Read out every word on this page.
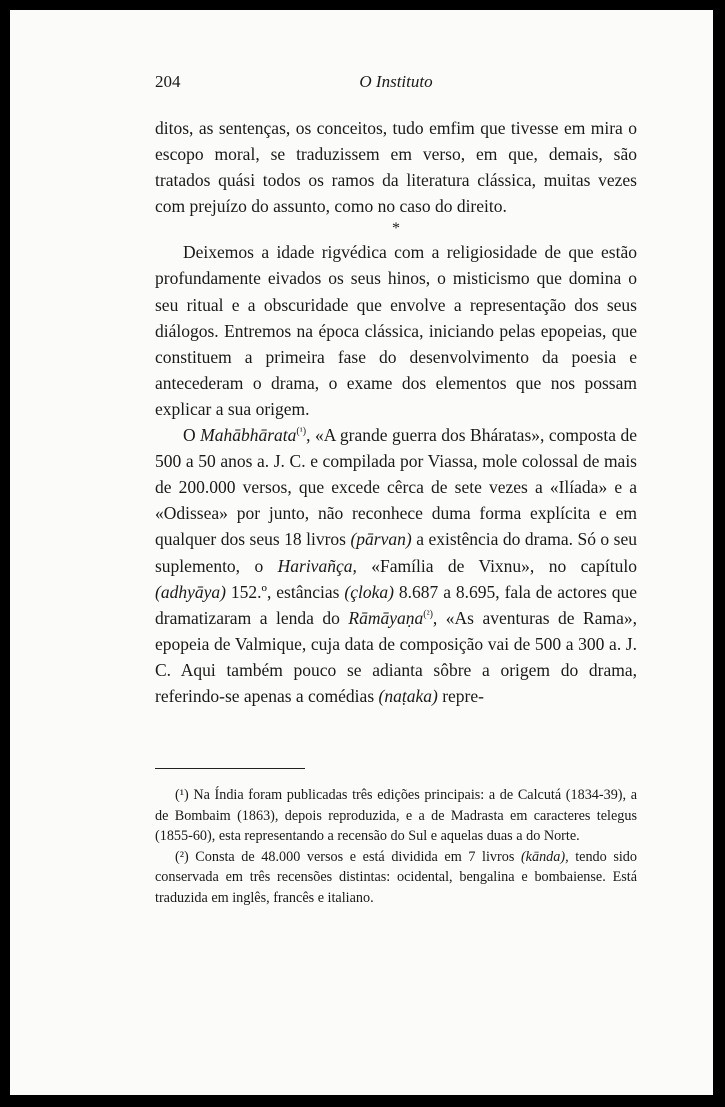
204	O Instituto

ditos, as sentenças, os conceitos, tudo emfim que tivesse em mira o escopo moral, se traduzissem em verso, em que, demais, são tratados quási todos os ramos da literatura clássica, muitas vezes com prejuízo do assunto, como no caso do direito.

*

Deixemos a idade rigvédica com a religiosidade de que estão profundamente eivados os seus hinos, o misticismo que domina o seu ritual e a obscuridade que envolve a representação dos seus diálogos. Entremos na época clássica, iniciando pelas epopeias, que constituem a primeira fase do desenvolvimento da poesia e antecederam o drama, o exame dos elementos que nos possam explicar a sua origem.

O Mahābhārata$^{(^1)}$, «A grande guerra dos Bháratas», composta de 500 a 50 anos a. J. C. e compilada por Viassa, mole colossal de mais de 200.000 versos, que excede cêrca de sete vezes a «Ilíada» e a «Odissea» por junto, não reconhece duma forma explícita e em qualquer dos seus 18 livros (pārvan) a existência do drama. Só o seu suplemento, o Harivañça, «Família de Vixnu», no capítulo (adhyāya) 152.º, estâncias (çloka) 8.687 a 8.695, fala de actores que dramatizaram a lenda do Rāmāyaṇa$^{(^2)}$, «As aventuras de Rama», epopeia de Valmique, cuja data de composição vai de 500 a 300 a. J. C. Aqui também pouco se adianta sôbre a origem do drama, referindo-se apenas a comédias (naṭaka) repre-

(¹) Na Índia foram publicadas três edições principais: a de Calcutá (1834-39), a de Bombaim (1863), depois reproduzida, e a de Madrasta em caracteres telegus (1855-60), esta representando a recensão do Sul e aquelas duas a do Norte.

(²) Consta de 48.000 versos e está dividida em 7 livros (kānda), tendo sido conservada em três recensões distintas: ocidental, bengalina e bombaiense. Está traduzida em inglês, francês e italiano.
